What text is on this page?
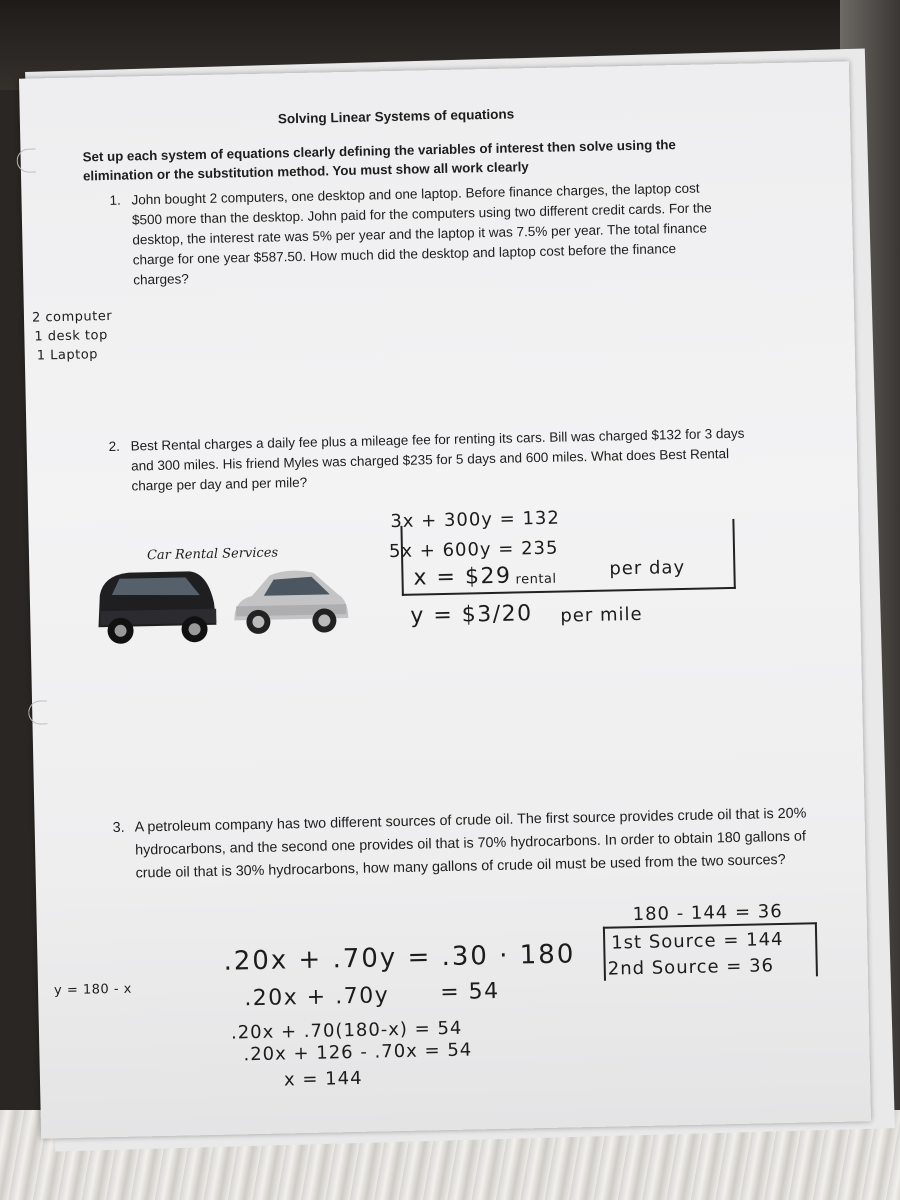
Solving Linear Systems of equations
Set up each system of equations clearly defining the variables of interest then solve using the elimination or the substitution method. You must show all work clearly
1. John bought 2 computers, one desktop and one laptop. Before finance charges, the laptop cost $500 more than the desktop. John paid for the computers using two different credit cards. For the desktop, the interest rate was 5% per year and the laptop it was 7.5% per year. The total finance charge for one year $587.50. How much did the desktop and laptop cost before the finance charges?
2 computer
1 desk top
1 Laptop
2. Best Rental charges a daily fee plus a mileage fee for renting its cars. Bill was charged $132 for 3 days and 300 miles. His friend Myles was charged $235 for 5 days and 600 miles. What does Best Rental charge per day and per mile?
Car Rental Services
3x + 300y = 132
5x + 600y = 235
x = $29 rental
per day
y = $3/20 per mile
3. A petroleum company has two different sources of crude oil. The first source provides crude oil that is 20% hydrocarbons, and the second one provides oil that is 70% hydrocarbons. In order to obtain 180 gallons of crude oil that is 30% hydrocarbons, how many gallons of crude oil must be used from the two sources?
180 - 144 = 36
1st Source = 144
2nd Source = 36
y = 180 - x
.20x + .70y = .30 · 180
.20x + .70y = 54
.20x + .70(180-x) = 54
.20x + 126 - .70x = 54
x = 144
